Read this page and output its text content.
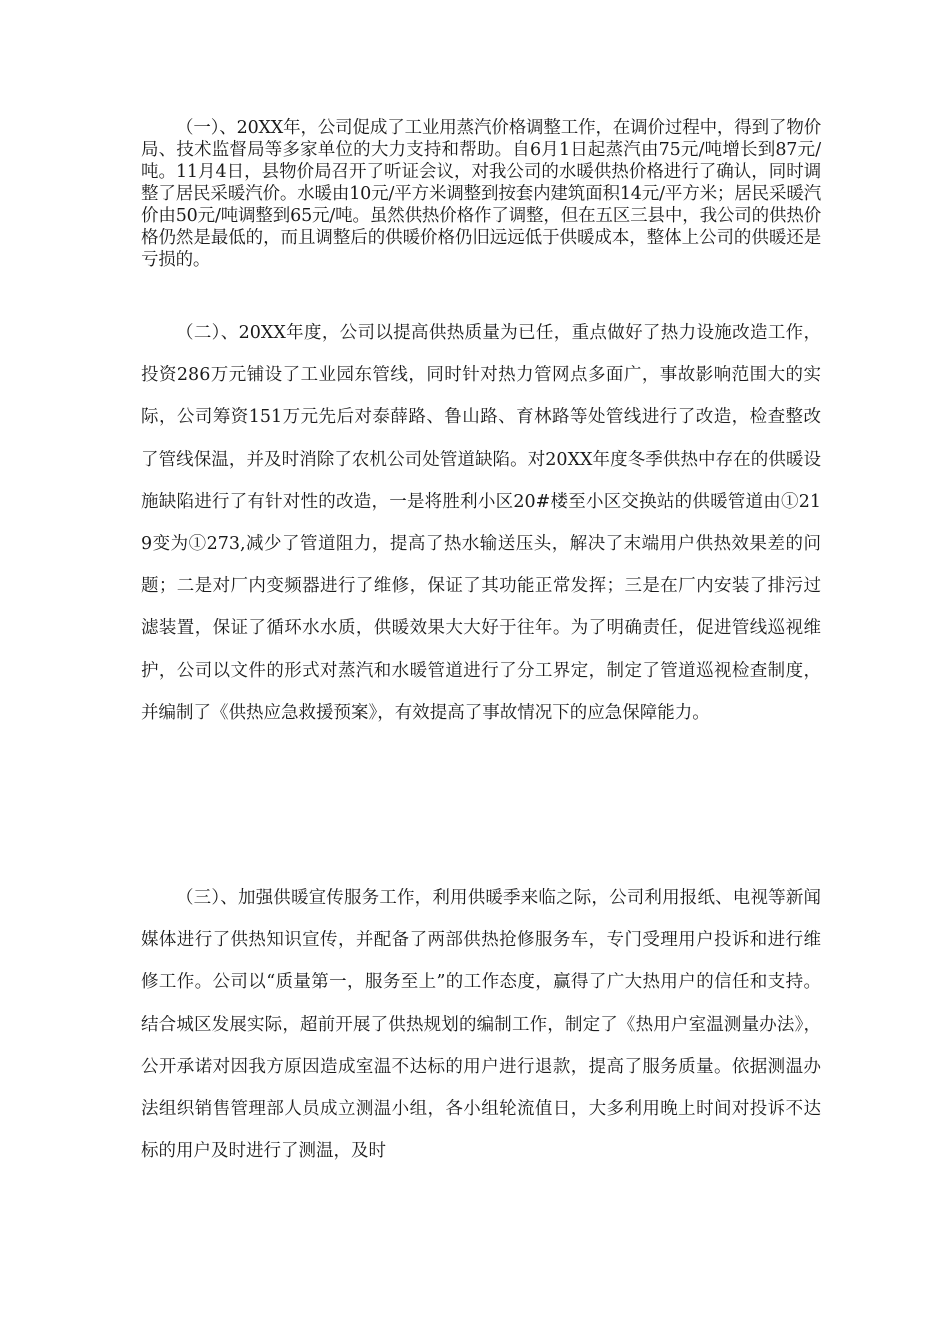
（一）、20XX年，公司促成了工业用蒸汽价格调整工作，在调价过程中，得到了物价局、技术监督局等多家单位的大力支持和帮助。自6月1日起蒸汽由75元/吨增长到87元/吨。11月4日，县物价局召开了听证会议，对我公司的水暖供热价格进行了确认，同时调整了居民采暖汽价。水暖由10元/平方米调整到按套内建筑面积14元/平方米；居民采暖汽价由50元/吨调整到65元/吨。虽然供热价格作了调整，但在五区三县中，我公司的供热价格仍然是最低的，而且调整后的供暖价格仍旧远远低于供暖成本，整体上公司的供暖还是亏损的。

（二）、20XX年度，公司以提高供热质量为已任，重点做好了热力设施改造工作，投资286万元铺设了工业园东管线，同时针对热力管网点多面广，事故影响范围大的实际，公司筹资151万元先后对泰薛路、鲁山路、育林路等处管线进行了改造，检查整改了管线保温，并及时消除了农机公司处管道缺陷。对20XX年度冬季供热中存在的供暖设施缺陷进行了有针对性的改造，一是将胜利小区20#楼至小区交换站的供暖管道由①219变为①273,减少了管道阻力，提高了热水输送压头，解决了末端用户供热效果差的问题；二是对厂内变频器进行了维修，保证了其功能正常发挥；三是在厂内安装了排污过滤装置，保证了循环水水质，供暖效果大大好于往年。为了明确责任，促进管线巡视维护，公司以文件的形式对蒸汽和水暖管道进行了分工界定，制定了管道巡视检查制度，并编制了《供热应急救援预案》，有效提高了事故情况下的应急保障能力。

（三）、加强供暖宣传服务工作，利用供暖季来临之际，公司利用报纸、电视等新闻媒体进行了供热知识宣传，并配备了两部供热抢修服务车，专门受理用户投诉和进行维修工作。公司以“质量第一，服务至上”的工作态度，赢得了广大热用户的信任和支持。结合城区发展实际，超前开展了供热规划的编制工作，制定了《热用户室温测量办法》，公开承诺对因我方原因造成室温不达标的用户进行退款，提高了服务质量。依据测温办法组织销售管理部人员成立测温小组，各小组轮流值日，大多利用晚上时间对投诉不达标的用户及时进行了测温，及时
